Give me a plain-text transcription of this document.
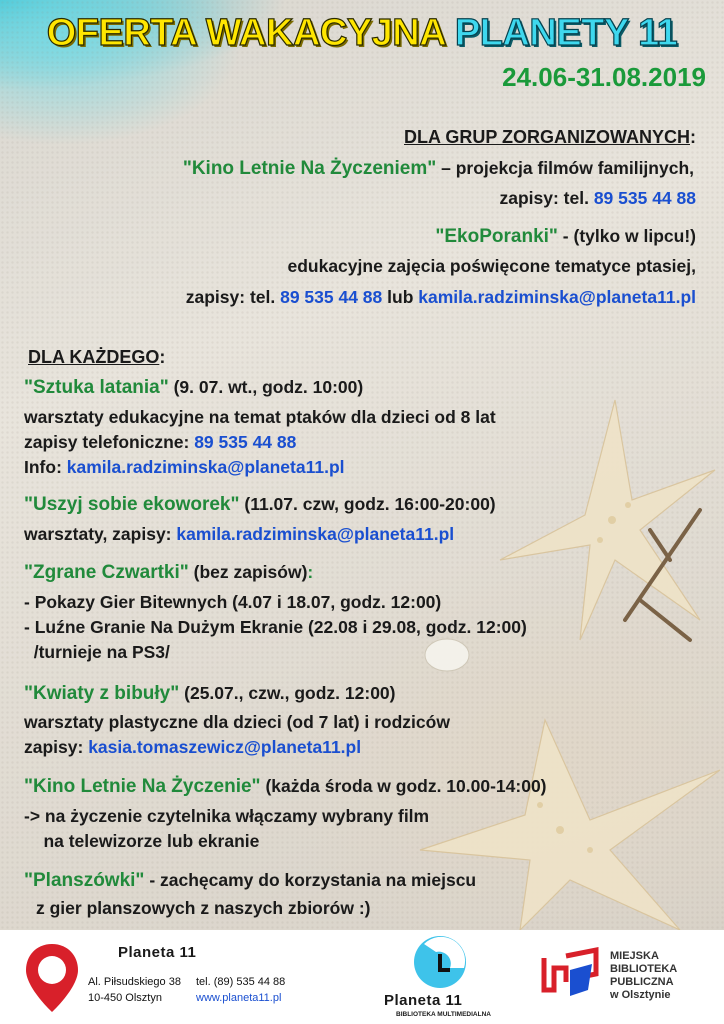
OFERTA WAKACYJNA PLANETY 11
24.06-31.08.2019
DLA GRUP ZORGANIZOWANYCH:
"Kino Letnie Na Życzeniem" – projekcja filmów familijnych,
zapisy: tel. 89 535 44 88
"EkoPoranki" - (tylko w lipcu!)
edukacyjne zajęcia poświęcone tematyce ptasiej,
zapisy: tel. 89 535 44 88 lub kamila.radziminska@planeta11.pl
DLA KAŻDEGO:
"Sztuka latania" (9. 07. wt., godz. 10:00)
warsztaty edukacyjne na temat ptaków dla dzieci od 8 lat
zapisy telefoniczne: 89 535 44 88
Info: kamila.radziminska@planeta11.pl
"Uszyj sobie ekoworek" (11.07. czw, godz. 16:00-20:00)
warsztaty, zapisy: kamila.radziminska@planeta11.pl
"Zgrane Czwartki" (bez zapisów):
- Pokazy Gier Bitewnych (4.07 i 18.07, godz. 12:00)
- Luźne Granie Na Dużym Ekranie (22.08 i 29.08, godz. 12:00)
/turnieje na PS3/
"Kwiaty z bibuły" (25.07., czw., godz. 12:00)
warsztaty plastyczne dla dzieci (od 7 lat) i rodziców
zapisy: kasia.tomaszewicz@planeta11.pl
"Kino Letnie Na Życzenie" (każda środa w godz. 10.00-14:00)
-> na życzenie czytelnika włączamy wybrany film
na telewizorze lub ekranie
"Planszówki" - zachęcamy do korzystania na miejscu
z gier planszowych z naszych zbiorów :)
Planeta 11
Al. Piłsudskiego 38
10-450 Olsztyn
tel. (89) 535 44 88
www.planeta11.pl	Planeta 11
BIBLIOTEKA MULTIMEDIALNA
MIEJSKA
BIBLIOTEKA
PUBLICZNA
w Olsztynie
